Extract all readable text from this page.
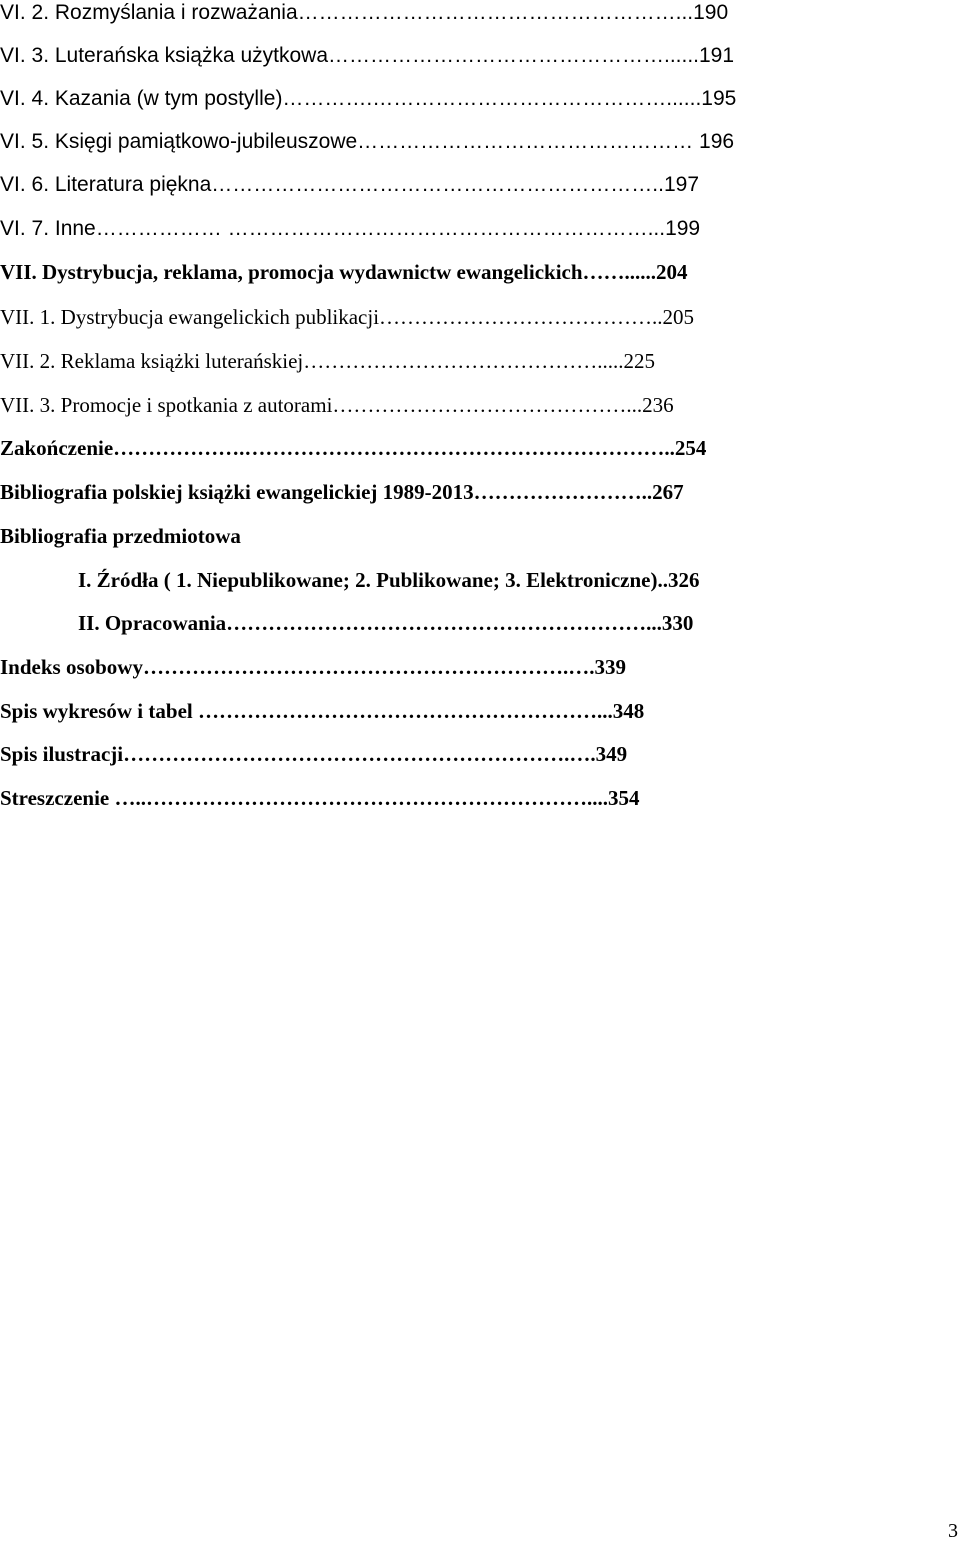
VI. 2. Rozmyślania i rozważania………………………………………………...190
VI. 3. Luterańska książka użytkowa…………………………………………......191
VI. 4. Kazania (w tym postylle)………….……………………………………......195
VI. 5. Księgi pamiątkowo-jubileuszowe………………………………………… 196
VI. 6. Literatura piękna………………………………………………………..197
VI. 7. Inne……………… ……………………………………………………...199
VII. Dystrybucja, reklama, promocja wydawnictw ewangelickich……......204
VII. 1. Dystrybucja ewangelickich publikacji…………………………………..205
VII. 2. Reklama książki luterańskiej…………………………………….....225
VII. 3. Promocje i spotkania z autorami……………………………………...236
Zakończenie……………….……………………………………………………..254
Bibliografia polskiej książki ewangelickiej 1989-2013……………………..267
Bibliografia przedmiotowa
I. Źródła ( 1. Niepublikowane; 2. Publikowane; 3. Elektroniczne)..326
II. Opracowania……………………………………………………...330
Indeks osobowy…………………………………………………….….339
Spis wykresów i tabel …………………………………………………...348
Spis ilustracji……………………………………………………….….349
Streszczenie …..………………………………………………………....354
3
